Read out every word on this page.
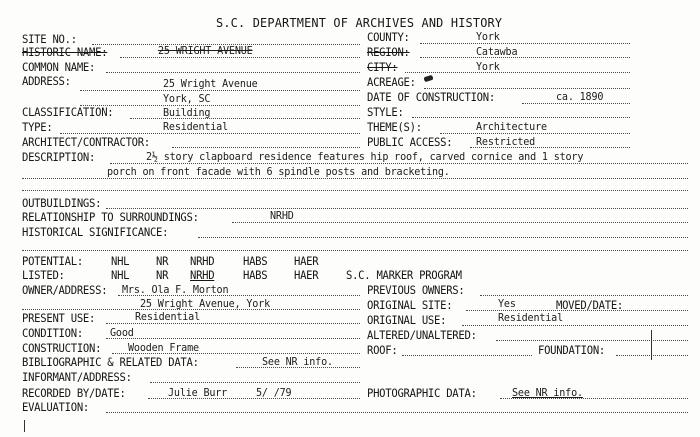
S.C. DEPARTMENT OF ARCHIVES AND HISTORY
SITE NO.:
HISTORIC NAME:	25 WRIGHT AVENUE
COMMON NAME:
ADDRESS:	25 Wright Avenue
York, SC
CLASSIFICATION:	Building
TYPE:	Residential
ARCHITECT/CONTRACTOR:
DESCRIPTION:	2½ story clapboard residence features hip roof, carved cornice and 1 story
porch on front facade with 6 spindle posts and bracketing.
COUNTY:	York
REGION:	Catawba
CITY:	York
ACREAGE:
DATE OF CONSTRUCTION:	ca. 1890
STYLE:
THEME(S):	Architecture
PUBLIC ACCESS: Restricted
OUTBUILDINGS:
RELATIONSHIP TO SURROUNDINGS:	NRHD
HISTORICAL SIGNIFICANCE:
POTENTIAL: NHL NR NRHD HABS HAER
LISTED:	NHL NR NRHD HABS HAER S.C. MARKER PROGRAM
OWNER/ADDRESS: Mrs. Ola F. Morton
25 Wright Avenue, York
PREVIOUS OWNERS:
ORIGINAL SITE:	Yes	MOVED/DATE:
PRESENT USE:	Residential	ORIGINAL USE:	Residential
CONDITION: Good	ALTERED/UNALTERED:
CONSTRUCTION: Wooden Frame	ROOF:	FOUNDATION:
BIBLIOGRAPHIC & RELATED DATA:	See NR info.
INFORMANT/ADDRESS:
RECORDED BY/DATE:	Julie Burr	5/ /79	PHOTOGRAPHIC DATA:	See NR info.
EVALUATION:
